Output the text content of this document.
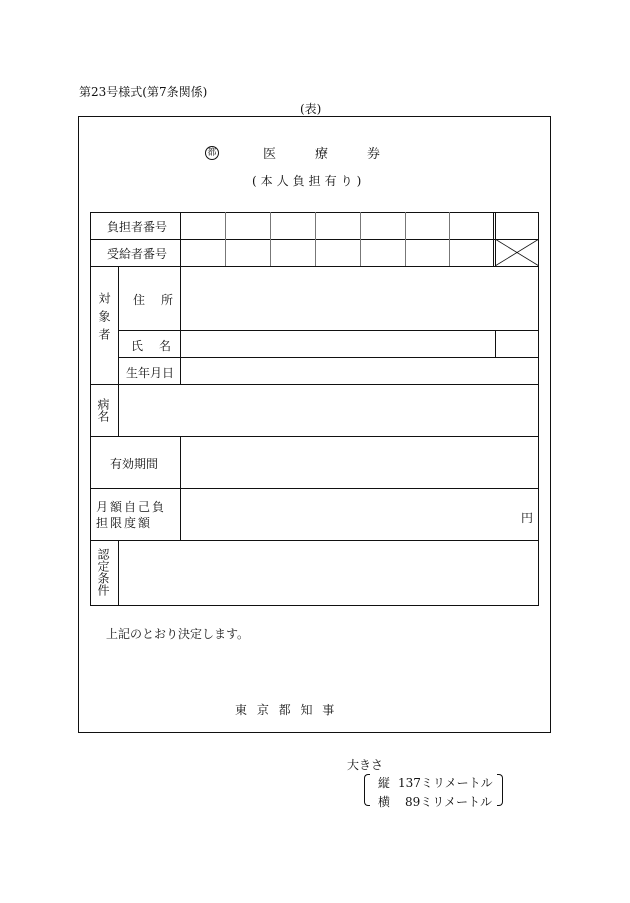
第23号様式(第7条関係)
(表)
都	医　　　療　　　券
(本人負担有り)
負担者番号
受給者番号
対象者 住　所
氏　名
生年月日
病名
有効期間
月額自己負担限度額	円
認定条件
上記のとおり決定します。
東 京 都 知 事
大きさ
縦 137ミリメートル
横 89ミリメートル
